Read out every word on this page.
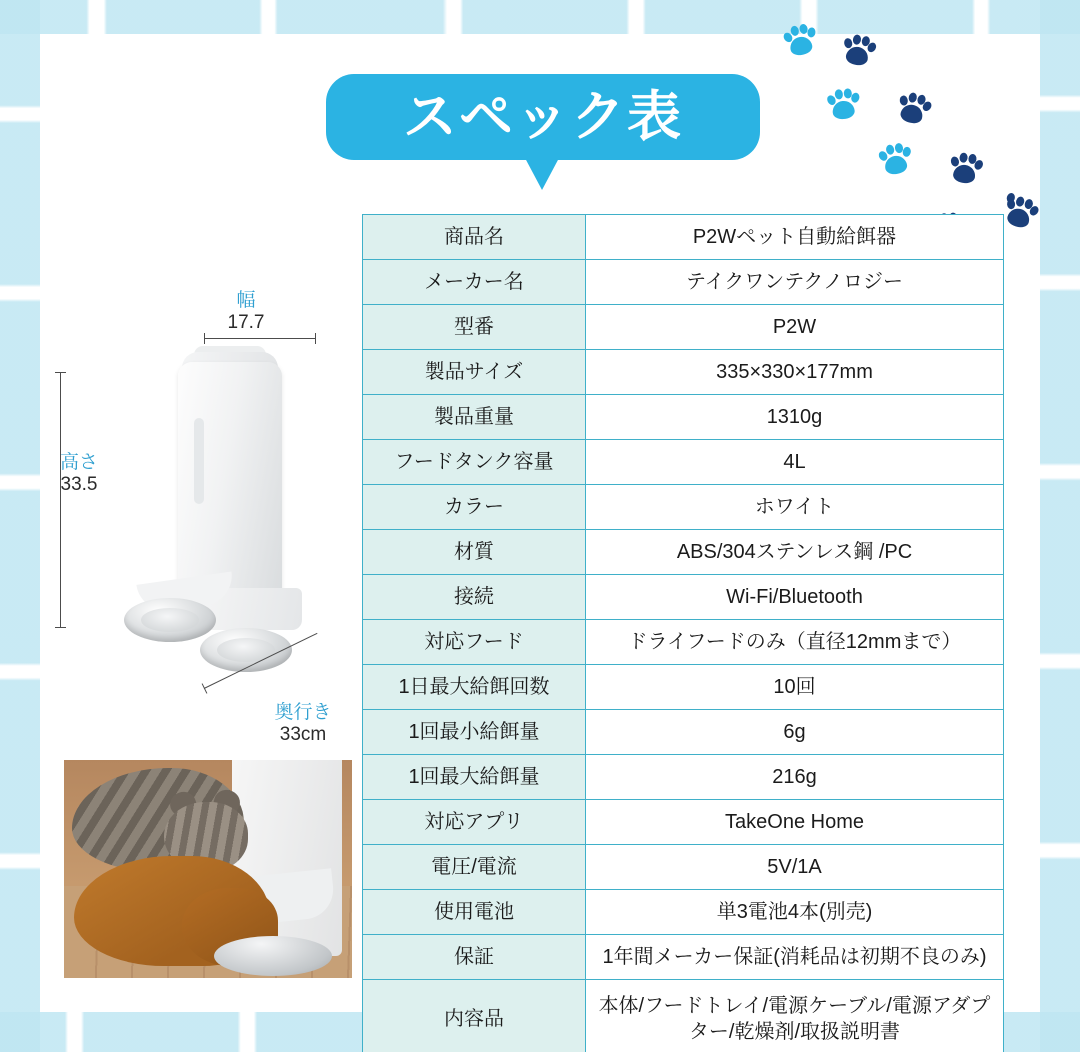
スペック表
幅
17.7
高さ
33.5
奥行き
33cm
商品名	P2Wペット自動給餌器
メーカー名	テイクワンテクノロジー
型番	P2W
製品サイズ	335×330×177mm
製品重量	1310g
フードタンク容量	4L
カラー	ホワイト
材質	ABS/304ステンレス鋼 /PC
接続	Wi-Fi/Bluetooth
対応フード	ドライフードのみ（直径12mmまで）
1日最大給餌回数	10回
1回最小給餌量	6g
1回最大給餌量	216g
対応アプリ	TakeOne Home
電圧/電流	5V/1A
使用電池	単3電池4本(別売)
保証	1年間メーカー保証(消耗品は初期不良のみ)
内容品	本体/フードトレイ/電源ケーブル/電源アダプター/乾燥剤/取扱説明書
